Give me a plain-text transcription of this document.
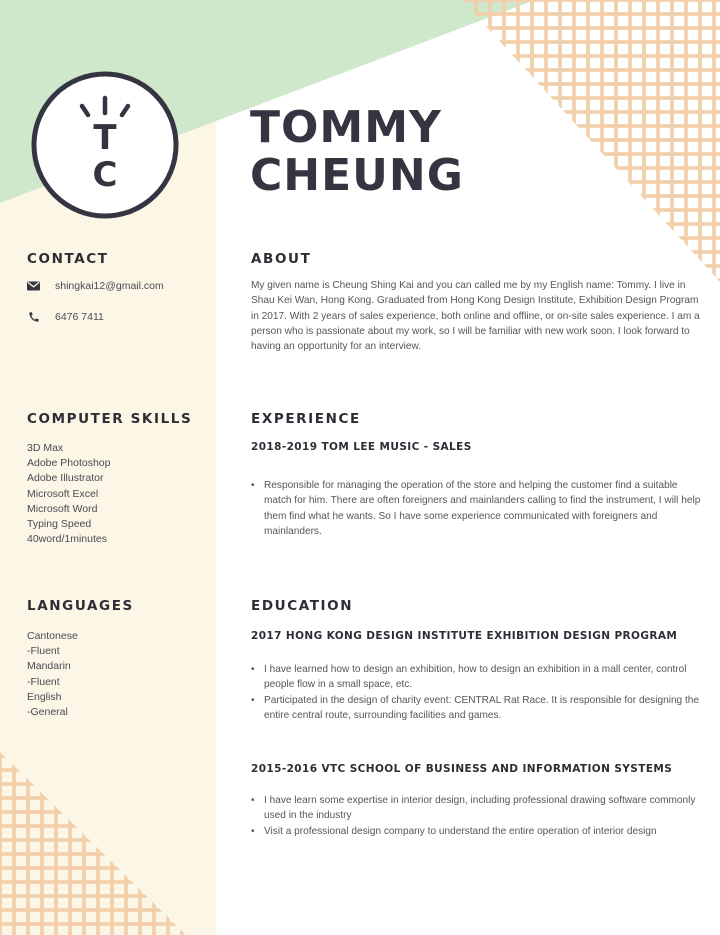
T
C
TOMMY
CHEUNG
CONTACT
shingkai12@gmail.com
6476 7411
COMPUTER SKILLS
3D Max
Adobe Photoshop
Adobe Illustrator
Microsoft Excel
Microsoft Word
Typing Speed
40word/1minutes
LANGUAGES
Cantonese
-Fluent
Mandarin
-Fluent
English
-General
ABOUT

My given name is Cheung Shing Kai and you can called me by my English name: Tommy. I live in Shau Kei Wan, Hong Kong. Graduated from Hong Kong Design Institute, Exhibition Design Program in 2017. With 2 years of sales experience, both online and offline, or on-site sales experience. I am a person who is passionate about my work, so I will be familiar with new work soon. I look forward to having an opportunity for an interview.

EXPERIENCE
2018-2019 TOM LEE MUSIC - SALES
• Responsible for managing the operation of the store and helping the customer find a suitable match for him. There are often foreigners and mainlanders calling to find the instrument, I will help them find what he wants. So I have some experience communicated with foreigners and mainlanders.
EDUCATION
2017 HONG KONG DESIGN INSTITUTE EXHIBITION DESIGN PROGRAM
• I have learned how to design an exhibition, how to design an exhibition in a mall center, control people flow in a small space, etc.
• Participated in the design of charity event: CENTRAL Rat Race. It is responsible for designing the entire central route, surrounding facilities and games.
2015-2016 VTC SCHOOL OF BUSINESS AND INFORMATION SYSTEMS
• I have learn some expertise in interior design, including professional drawing software commonly used in the industry
• Visit a professional design company to understand the entire operation of interior design
